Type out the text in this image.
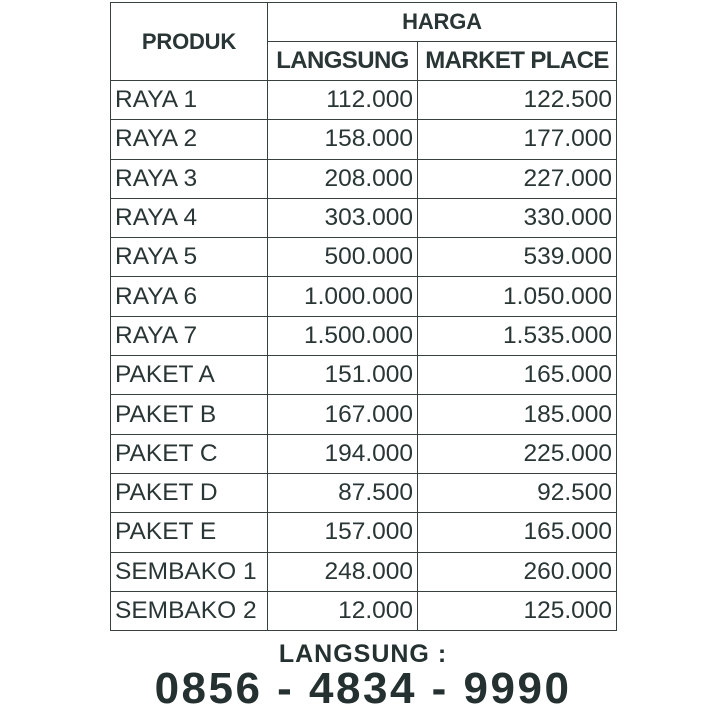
PRODUK	HARGA	
	LANGSUNG	MARKET PLACE
RAYA 1	112.000	122.500
RAYA 2	158.000	177.000
RAYA 3	208.000	227.000
RAYA 4	303.000	330.000
RAYA 5	500.000	539.000
RAYA 6	1.000.000	1.050.000
RAYA 7	1.500.000	1.535.000
PAKET A	151.000	165.000
PAKET B	167.000	185.000
PAKET C	194.000	225.000
PAKET D	87.500	92.500
PAKET E	157.000	165.000
SEMBAKO 1	248.000	260.000
SEMBAKO 2	12.000	125.000
LANGSUNG :
0856 - 4834 - 9990
